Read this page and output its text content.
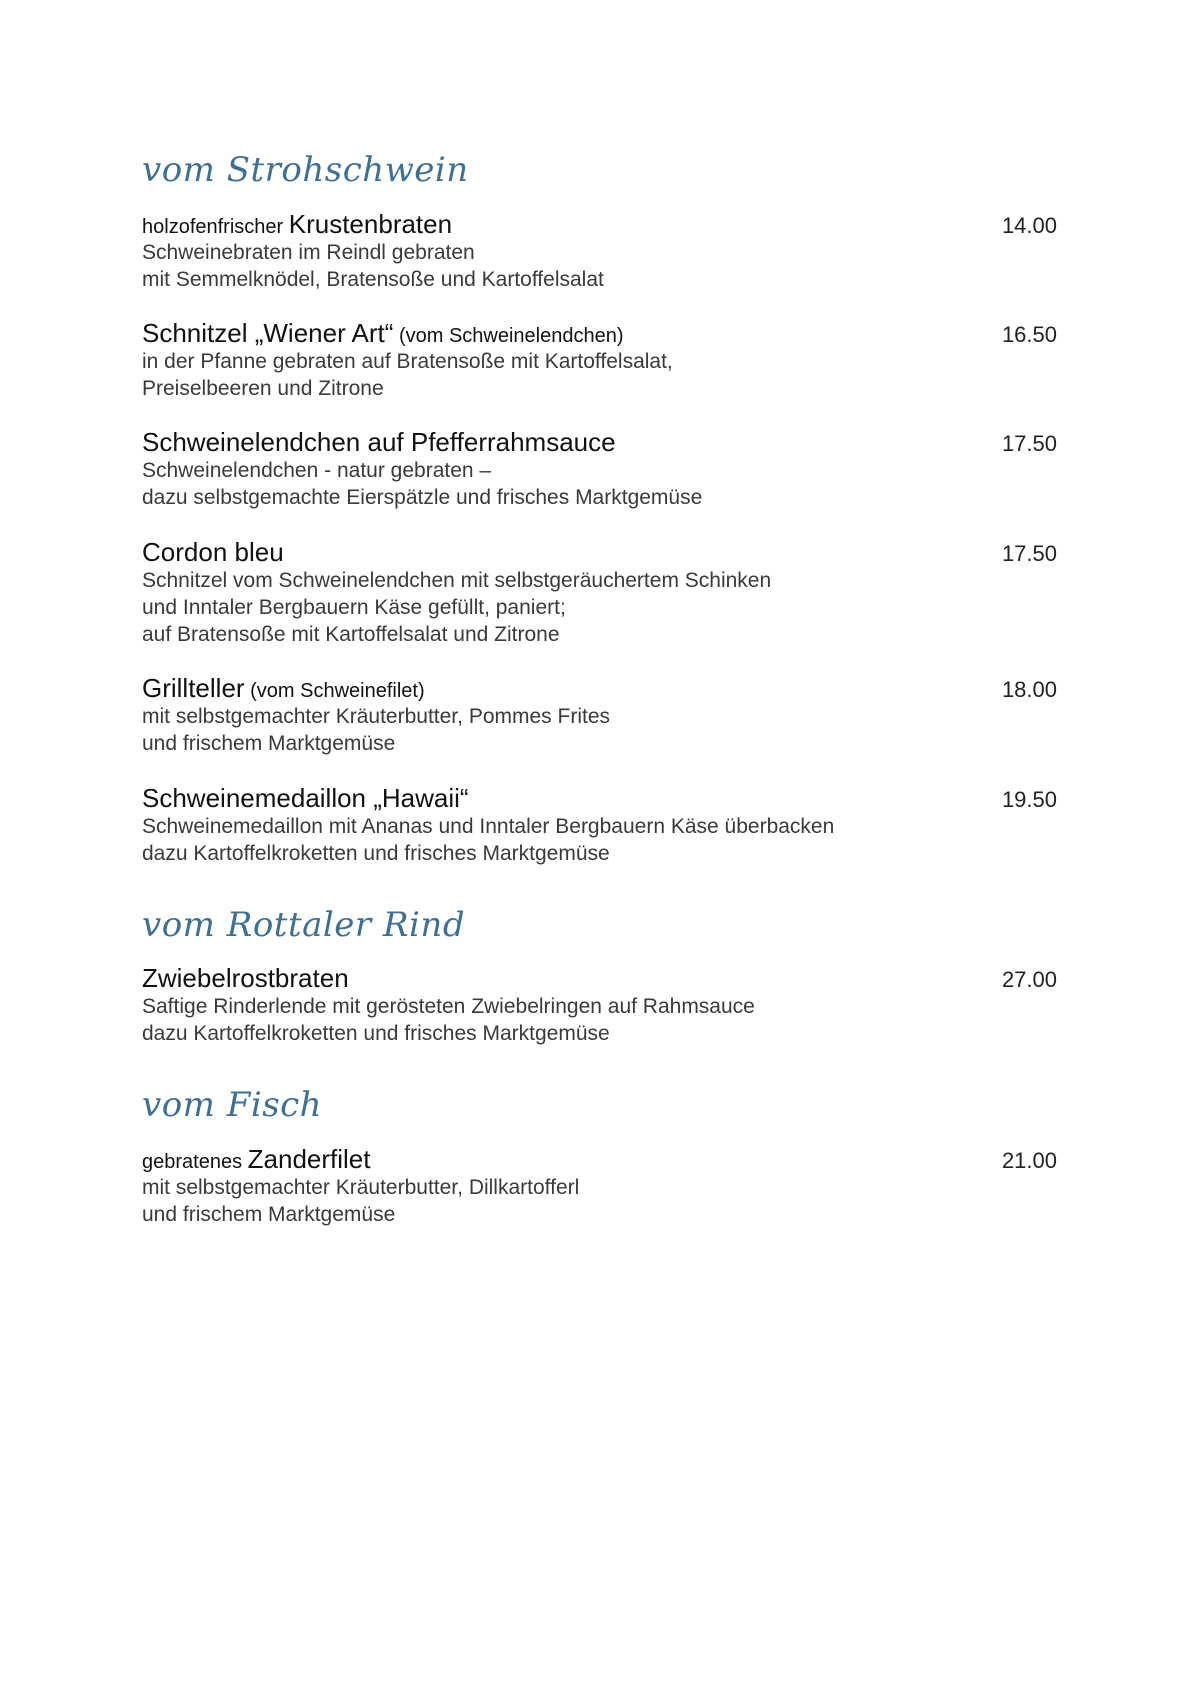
vom Strohschwein
holzofenfrischer Krustenbraten	14.00
Schweinebraten im Reindl gebraten
mit Semmelknödel, Bratensoße und Kartoffelsalat
Schnitzel „Wiener Art“ (vom Schweinelendchen)	16.50
in der Pfanne gebraten auf Bratensoße mit Kartoffelsalat,
Preiselbeeren und Zitrone
Schweinelendchen auf Pfefferrahmsauce	17.50
Schweinelendchen - natur gebraten –
dazu selbstgemachte Eierspätzle und frisches Marktgemüse
Cordon bleu	17.50
Schnitzel vom Schweinelendchen mit selbstgeräuchertem Schinken
und Inntaler Bergbauern Käse gefüllt, paniert;
auf Bratensoße mit Kartoffelsalat und Zitrone
Grillteller (vom Schweinefilet)	18.00
mit selbstgemachter Kräuterbutter, Pommes Frites
und frischem Marktgemüse
Schweinemedaillon „Hawaii“	19.50
Schweinemedaillon mit Ananas und Inntaler Bergbauern Käse überbacken
dazu Kartoffelkroketten und frisches Marktgemüse
vom Rottaler Rind
Zwiebelrostbraten	27.00
Saftige Rinderlende mit gerösteten Zwiebelringen auf Rahmsauce
dazu Kartoffelkroketten und frisches Marktgemüse
vom Fisch
gebratenes Zanderfilet	21.00
mit selbstgemachter Kräuterbutter, Dillkartofferl
und frischem Marktgemüse
